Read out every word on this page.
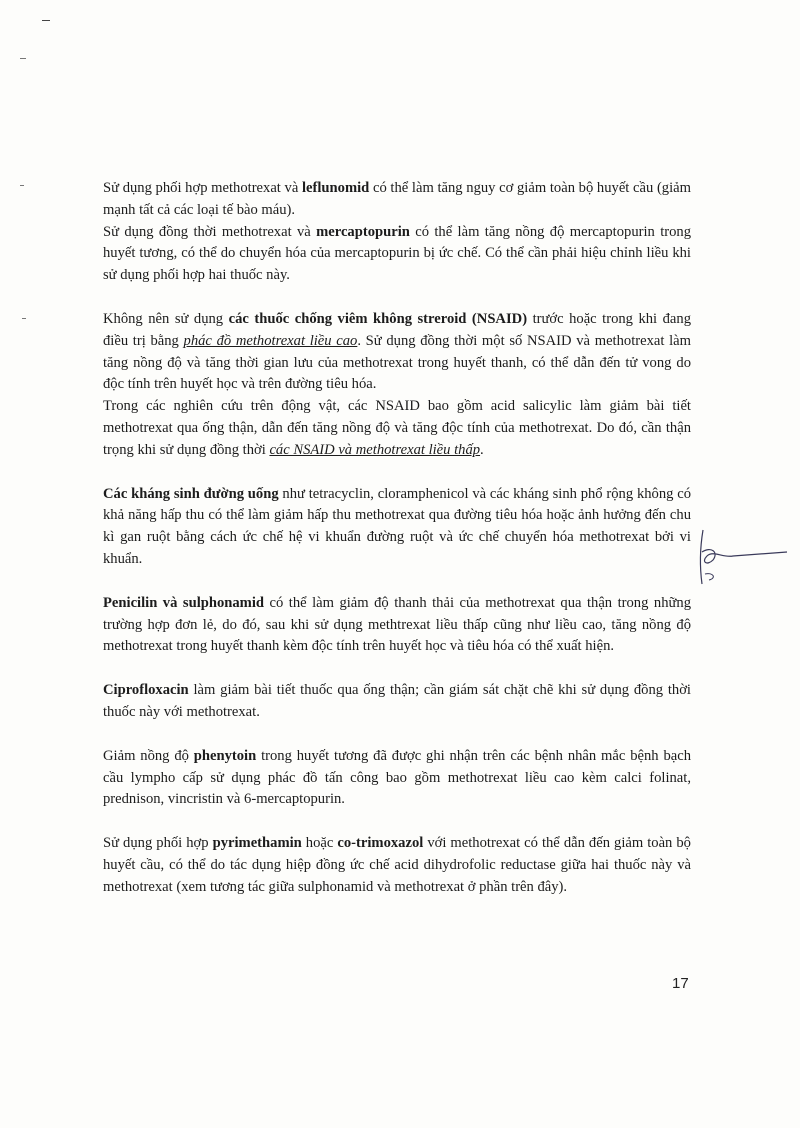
Sử dụng phối hợp methotrexat và leflunomid có thể làm tăng nguy cơ giảm toàn bộ huyết cầu (giảm mạnh tất cả các loại tế bào máu).

Sử dụng đồng thời methotrexat và mercaptopurin có thể làm tăng nồng độ mercaptopurin trong huyết tương, có thể do chuyển hóa của mercaptopurin bị ức chế. Có thể cần phải hiệu chỉnh liều khi sử dụng phối hợp hai thuốc này.

Không nên sử dụng các thuốc chống viêm không streroid (NSAID) trước hoặc trong khi đang điều trị bằng phác đồ methotrexat liều cao. Sử dụng đồng thời một số NSAID và methotrexat làm tăng nồng độ và tăng thời gian lưu của methotrexat trong huyết thanh, có thể dẫn đến tử vong do độc tính trên huyết học và trên đường tiêu hóa.

Trong các nghiên cứu trên động vật, các NSAID bao gồm acid salicylic làm giảm bài tiết methotrexat qua ống thận, dẫn đến tăng nồng độ và tăng độc tính của methotrexat. Do đó, cần thận trọng khi sử dụng đồng thời các NSAID và methotrexat liều thấp.

Các kháng sinh đường uống như tetracyclin, cloramphenicol và các kháng sinh phổ rộng không có khả năng hấp thu có thể làm giảm hấp thu methotrexat qua đường tiêu hóa hoặc ảnh hưởng đến chu kì gan ruột bằng cách ức chế hệ vi khuẩn đường ruột và ức chế chuyển hóa methotrexat bởi vi khuẩn.

Penicilin và sulphonamid có thể làm giảm độ thanh thải của methotrexat qua thận trong những trường hợp đơn lẻ, do đó, sau khi sử dụng methtrexat liều thấp cũng như liều cao, tăng nồng độ methotrexat trong huyết thanh kèm độc tính trên huyết học và tiêu hóa có thể xuất hiện.

Ciprofloxacin làm giảm bài tiết thuốc qua ống thận; cần giám sát chặt chẽ khi sử dụng đồng thời thuốc này với methotrexat.

Giảm nồng độ phenytoin trong huyết tương đã được ghi nhận trên các bệnh nhân mắc bệnh bạch cầu lympho cấp sử dụng phác đồ tấn công bao gồm methotrexat liều cao kèm calci folinat, prednison, vincristin và 6-mercaptopurin.

Sử dụng phối hợp pyrimethamin hoặc co-trimoxazol với methotrexat có thể dẫn đến giảm toàn bộ huyết cầu, có thể do tác dụng hiệp đồng ức chế acid dihydrofolic reductase giữa hai thuốc này và methotrexat (xem tương tác giữa sulphonamid và methotrexat ở phần trên đây).

17
